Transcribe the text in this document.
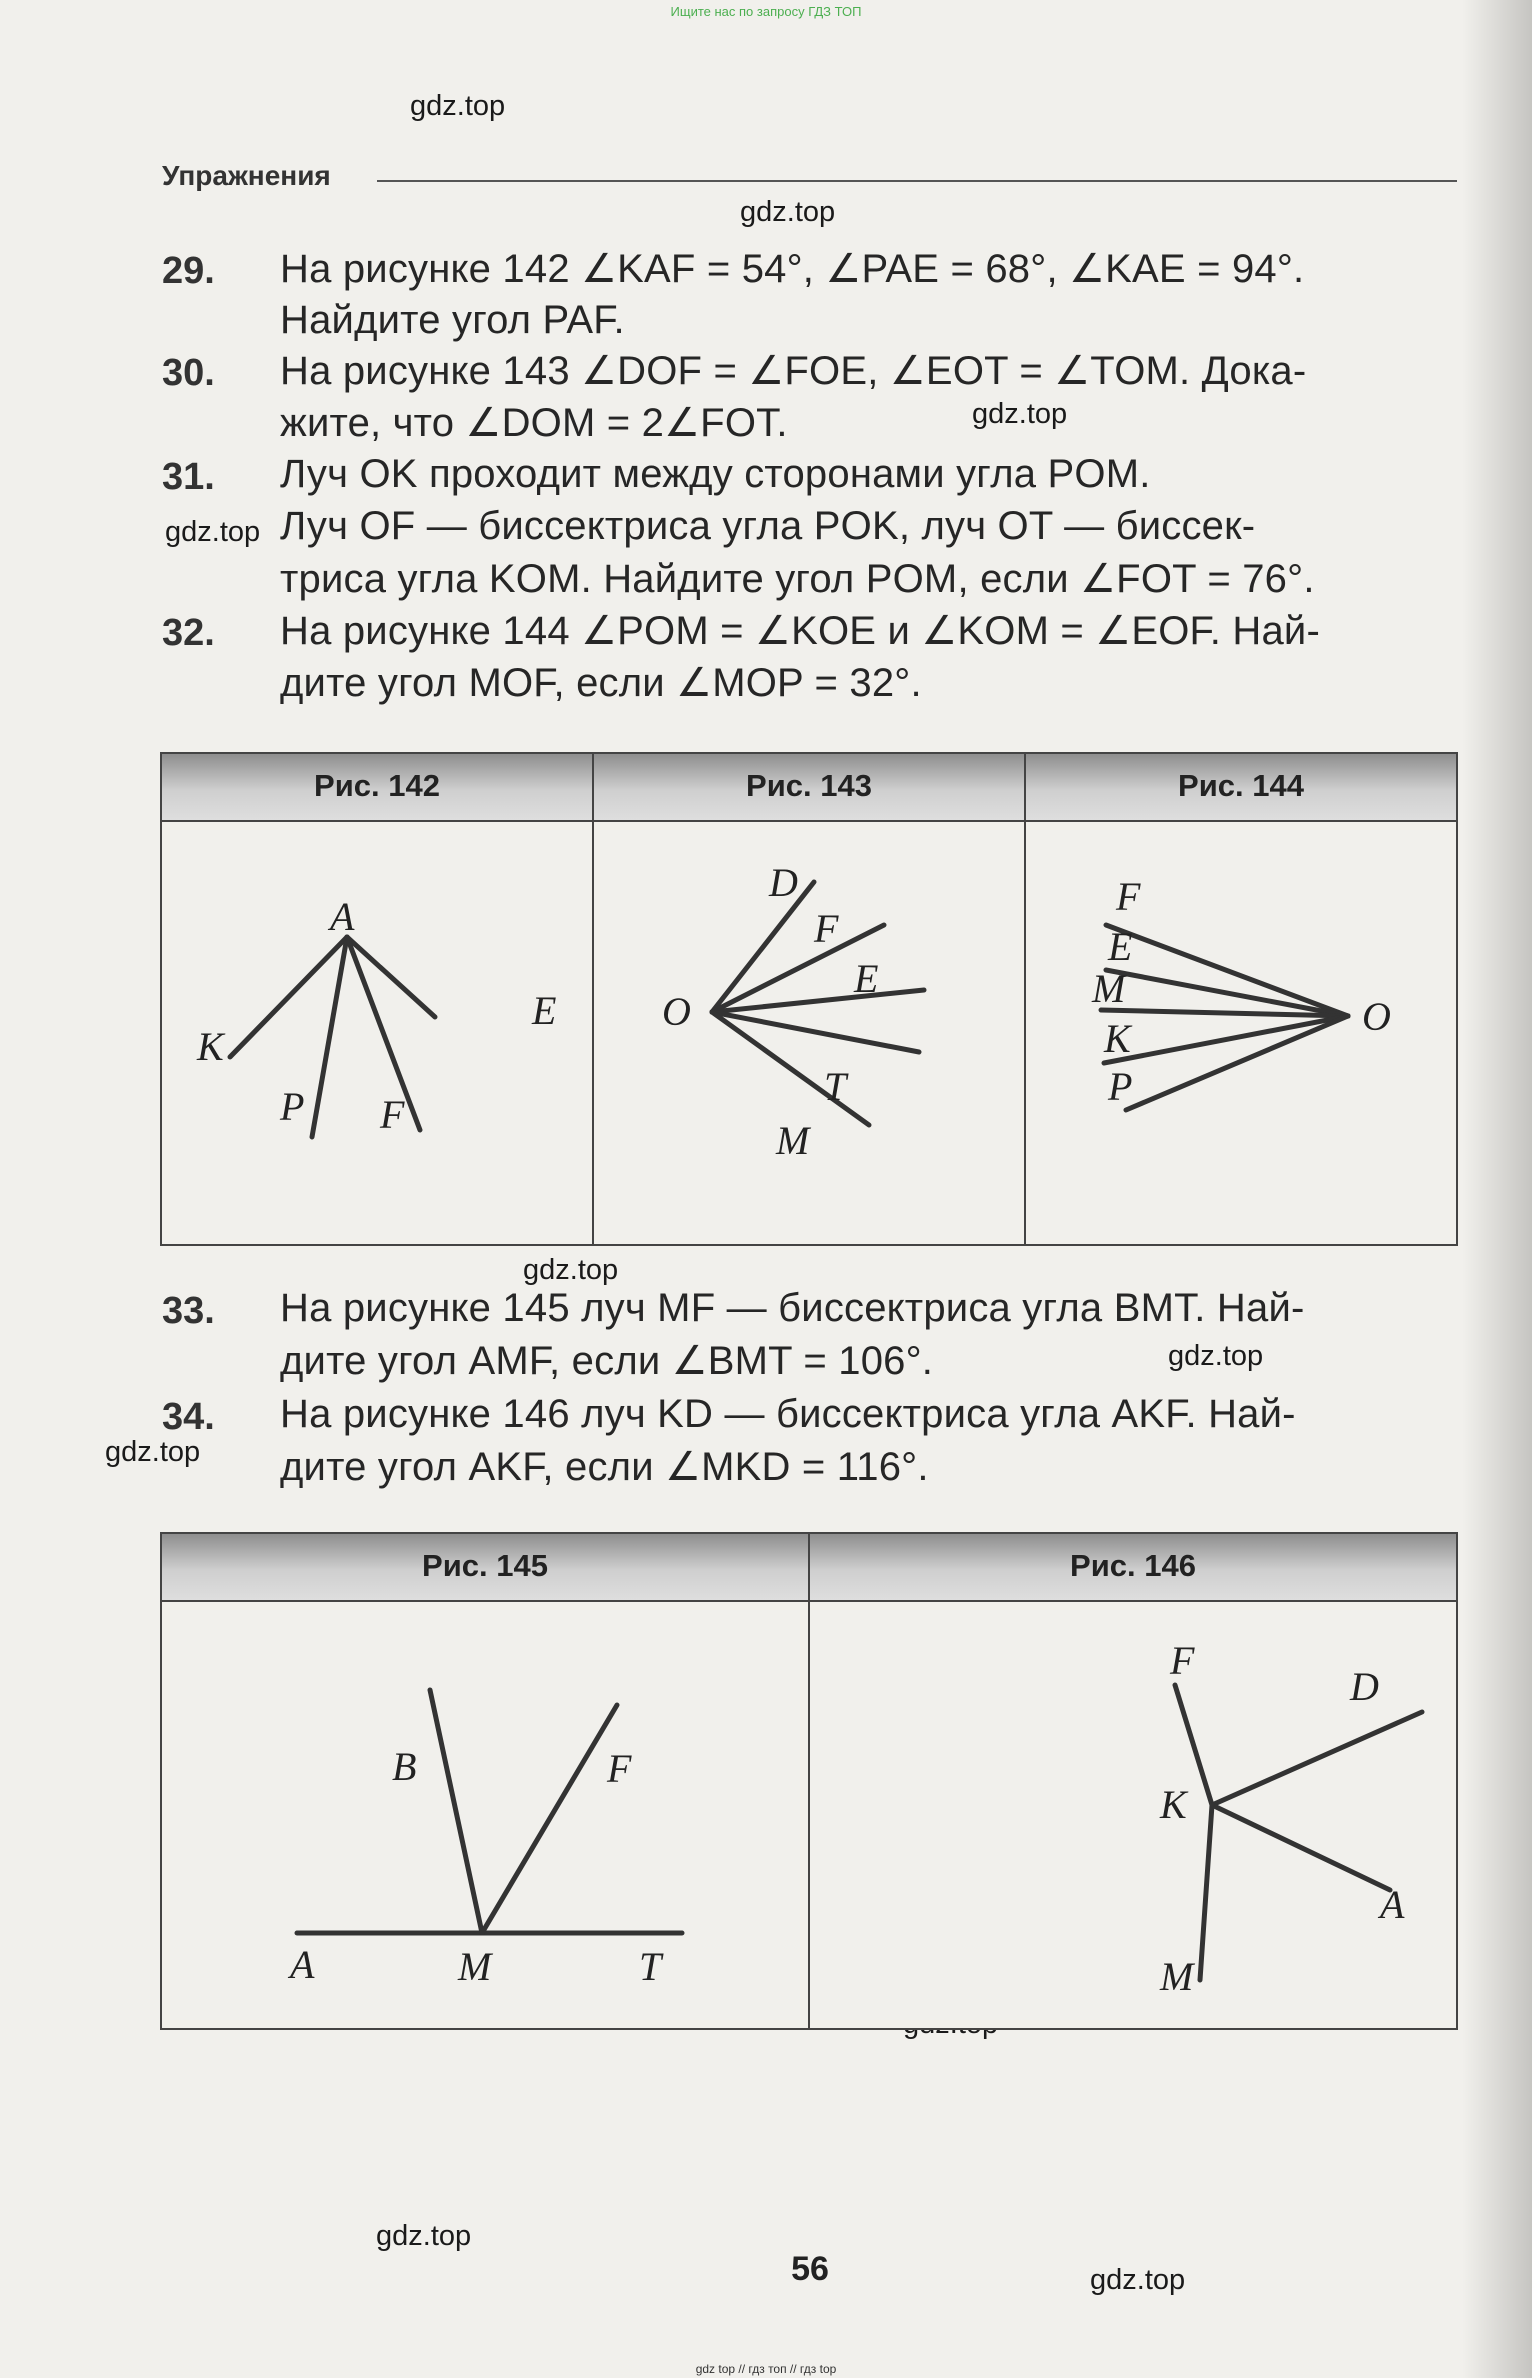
Ищите нас по запросу ГДЗ ТОП
gdz.top
gdz.top
gdz.top
gdz.top
gdz.top
gdz.top
gdz.top
gdz.top
gdz.top
Упражнения
29. На рисунке 142 ∠KAF = 54°, ∠PAE = 68°, ∠KAE = 94°.
Найдите угол PAF.
30. На рисунке 143 ∠DOF = ∠FOE, ∠EOT = ∠TOM. Дока-
жите, что ∠DOM = 2∠FOT.
31. Луч OK проходит между сторонами угла POM.
Луч OF — биссектриса угла POK, луч OT — биссек-
триса угла KOM. Найдите угол POM, если ∠FOT = 76°.
32. На рисунке 144 ∠POM = ∠KOE и ∠KOM = ∠EOF. Най-
дите угол MOF, если ∠MOP = 32°.
Рис. 142	Рис. 143	Рис. 144
A
K
P F
E
D
F
E
O
T
M
F
E
M
K
P
O
33. На рисунке 145 луч MF — биссектриса угла BMT. Най-
дите угол AMF, если ∠BMT = 106°.
34. На рисунке 146 луч KD — биссектриса угла AKF. Най-
дите угол AKF, если ∠MKD = 116°.
Рис. 145	Рис. 146
B	F
A	M	T
F
D
K
A
M
56
gdz top // гдз топ // гдз top
